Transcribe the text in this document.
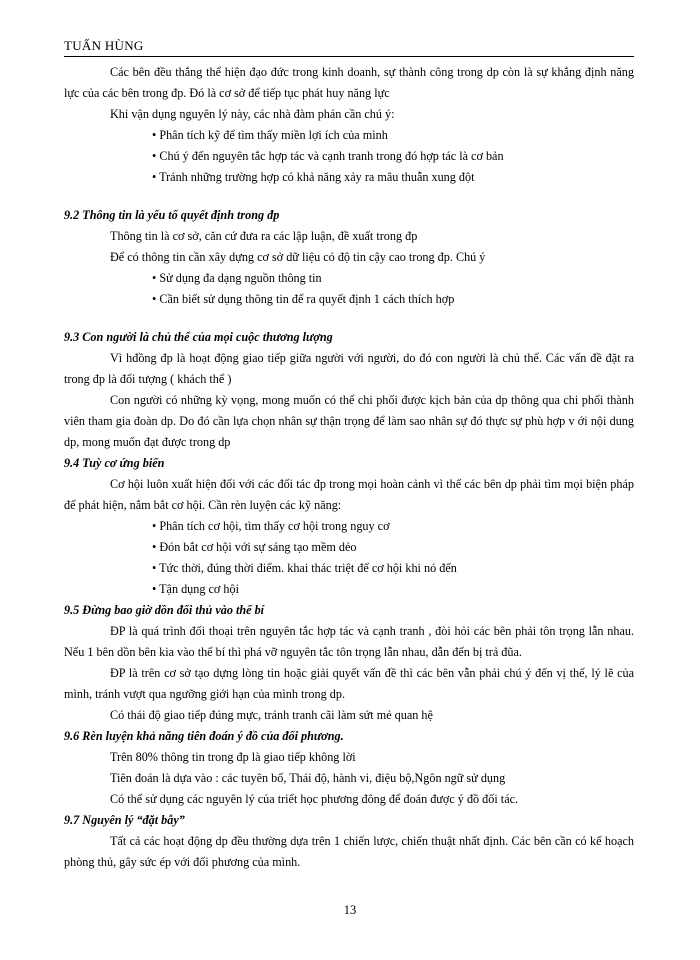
TUẤN HÙNG

Các bên đều thắng thể hiện đạo đức trong kinh doanh, sự thành công trong dp còn là sự khẳng định năng lực của các bên trong đp. Đó là cơ sở để tiếp tục phát huy năng lực

Khi vận dụng nguyên lý này, các nhà đàm phán cần chú ý:

• Phân tích kỹ để tìm thấy miền lợi ích của mình

• Chú ý đến nguyên tắc hợp tác và cạnh tranh trong đó hợp tác là cơ bản

• Tránh những trường hợp có khả năng xảy ra mâu thuẫn xung đột

9.2 Thông tin là yếu tố quyết định trong đp

Thông tin là cơ sở, căn cứ đưa ra các lập luận, đề xuất trong đp

Để có thông tin cần xây dựng cơ sở dữ liệu có độ tin cậy cao trong đp. Chú ý

• Sử dụng đa dạng nguồn thông tin

• Cần biết sử dụng thông tin để ra quyết định 1 cách thích hợp

9.3 Con người là chủ thể của mọi cuộc thương lượng

Vì hđồng đp là hoạt động giao tiếp giữa người với người, do đó con người là chủ thể. Các vấn đề đặt ra trong đp là đối tượng ( khách thể )

Con người có những kỳ vọng, mong muốn có thể chi phối được kịch bản của dp thông qua chi phối thành viên tham gia đoàn dp. Do đó cần lựa chọn nhân sự thận trọng để làm sao nhân sự đó thực sự phù hợp v ới nội dung dp, mong muốn đạt được trong dp

9.4 Tuỳ cơ ứng biến

Cơ hội luôn xuất hiện đối với các đối tác đp trong mọi hoàn cảnh vì thế các bên dp phải tìm mọi biện pháp để phát hiện, nắm bắt cơ hội. Cần rèn luyện các kỹ năng:

• Phân tích cơ hội, tìm thấy cơ hội trong nguy cơ

• Đón bắt cơ hội với sự sáng tạo mềm dẻo

• Tức thời, đúng thời điểm. khai thác triệt để cơ hội khi nó đến

• Tận dụng cơ hội

9.5 Đừng bao giờ dồn đối thủ vào thế bí

ĐP là quá trình đối thoại trên nguyên tắc hợp tác và cạnh tranh , đòi hỏi các bên phải tôn trọng lẫn nhau. Nếu 1 bên dồn bên kia vào thế bí thì phá vỡ nguyên tắc tôn trọng lẫn nhau, dẫn đến bị trả đũa.

ĐP là trên cơ sở tạo dựng lòng tin hoặc giải quyết vấn đề thì các bên vẫn phải chú ý đến vị thế, lý lẽ của mình, tránh vượt qua ngưỡng giới hạn của mình trong dp.

Có thái độ giao tiếp đúng mực, tránh tranh cãi làm sứt mẻ quan hệ

9.6 Rèn luyện khả năng tiên đoán ý đồ của đối phương.

Trên 80% thông tin trong đp là giao tiếp không lời

Tiên đoán là dựa vào : các tuyên bố, Thái độ, hành vi, điệu bộ,Ngôn ngữ sử dụng

Có thể sử dụng các nguyên lý của triết học phương đông để đoán được ý đồ đối tác.

9.7 Nguyên lý “đặt bẫy”

Tất cả các hoạt động dp đều thường dựa trên 1 chiến lược, chiến thuật nhất định. Các bên cần có kế hoạch phòng thủ, gây sức ép với đối phương của mình.

13
